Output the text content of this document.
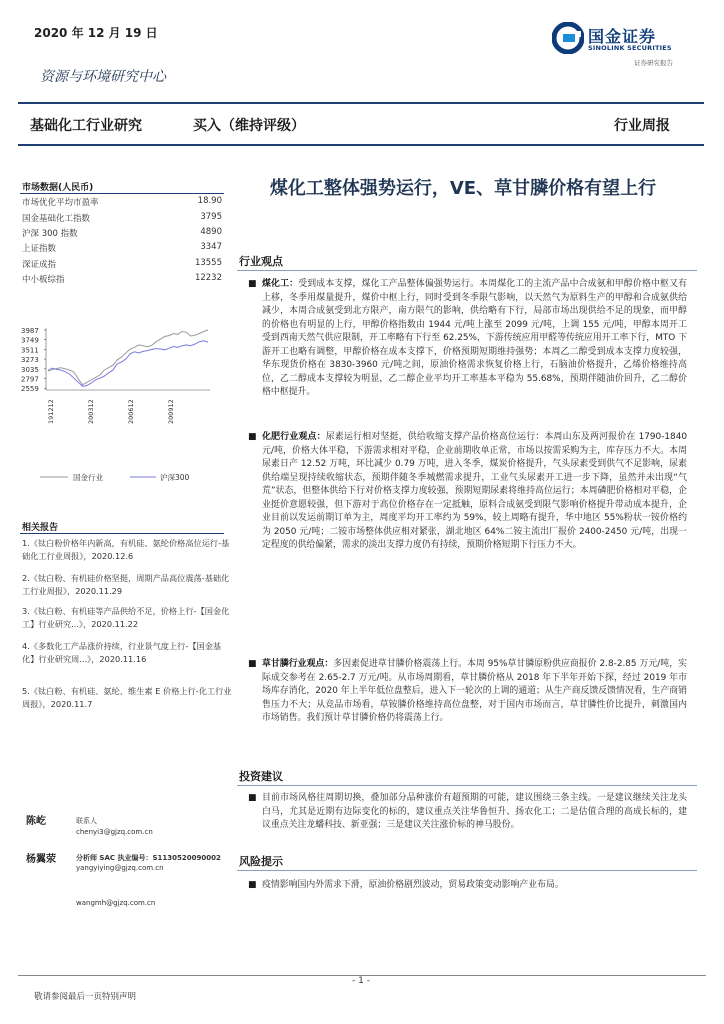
2020 年 12 月 19 日	国金证券
SINOLINK SECURITIES
证券研究报告
资源与环境研究中心
基础化工行业研究	买入（维持评级）	行业周报
市场数据(人民币)
市场优化平均市盈率	18.90
国金基础化工指数	3795
沪深 300 指数	4890
上证指数	3347
深证成指	13555
中小板综指	12232
3987
3749
3511
3273
3035
2797
2559
191212	200312	200612	200912
国金行业	沪深300
相关报告
1.《钛白粉价格年内新高，有机硅、氨纶价格高位运行-基础化工行业周报》，2020.12.6
2.《钛白粉、有机硅价格坚挺，周期产品高位震荡-基础化工行业周报》，2020.11.29
3.《钛白粉、有机硅等产品供给不足，价格上行-【国金化工】行业研究...》，2020.11.22
4.《多数化工产品涨价持续，行业景气度上行-【国金基化】行业研究周...》，2020.11.16
5.《钛白粉、有机硅、氨纶、维生素 E 价格上行-化工行业周报》，2020.11.7
陈屹	联系人
chenyi3@gjzq.com.cn
杨翼荥	分析师 SAC 执业编号：S1130520090002
yangyiying@gjzq.com.cn
wangmh@gjzq.com.cn
煤化工整体强势运行，VE、草甘膦价格有望上行
行业观点
■ 煤化工：受到成本支撑，煤化工产品整体偏强势运行。本周煤化工的主流产品中合成氨和甲醇价格中枢又有上移，冬季用煤量提升，煤价中枢上行，同时受到冬季限气影响，以天然气为原料生产的甲醇和合成氨供给减少，本周合成氨受到北方限产，南方限气的影响，供给略有下行，局部市场出现供给不足的现象，而甲醇的价格也有明显的上行，甲醇价格指数由 1944 元/吨上涨至 2099 元/吨，上调 155 元/吨，甲醇本周开工受到西南天然气供应限制，开工率略有下行至 62.25%，下游传统应用甲醛等传统应用开工率下行，MTO 下游开工也略有调整，甲醇价格在成本支撑下，价格预期短期维持强势；本周乙二醇受到成本支撑力度较强，华东现货价格在 3830-3960 元/吨之间，原油价格需求恢复价格上行，石脑油价格提升，乙烯价格维持高位，乙二醇成本支撑较为明显，乙二醇企业平均开工率基本平稳为 55.68%，预期伴随油价回升，乙二醇价格中枢提升。
■ 化肥行业观点：尿素运行相对坚挺，供给收缩支撑产品价格高位运行：本周山东及两河报价在 1790-1840 元/吨，价格大体平稳，下游需求相对平稳，企业前期收单正常，市场以按需采购为主，库存压力不大。本周尿素日产 12.52 万吨，环比减少 0.79 万吨，进入冬季，煤炭价格提升，气头尿素受到供气不足影响，尿素供给端呈现持续收缩状态，预期伴随冬季城燃需求提升，工业气头尿素开工进一步下降，虽然并未出现“气荒”状态，但整体供给下行对价格支撑力度较强，预期短期尿素将维持高位运行；本周磷肥价格相对平稳，企业挺价意愿较强，但下游对于高位价格存在一定抵触，原料合成氨受到限气影响价格提升带动成本提升，企业目前以发运前期订单为主，周度平均开工率约为 59%，较上周略有提升，华中地区 55%粉状一铵价格约为 2050 元/吨；二铵市场整体供应相对紧张，湖北地区 64%二铵主流出厂报价 2400-2450 元/吨，出现一定程度的供给偏紧，需求的淡出支撑力度仍有持续，预期价格短期下行压力不大。
■ 草甘膦行业观点：多因素促进草甘膦价格震荡上行。本周 95%草甘膦原粉供应商报价 2.8-2.85 万元/吨，实际成交参考在 2.65-2.7 万元/吨。从市场周期看，草甘膦价格从 2018 年下半年开始下探，经过 2019 年市场库存消化，2020 年上半年低位盘整后，进入下一轮次的上调的通道；从生产商反馈反馈情况看，生产商销售压力不大；从竞品市场看，草铵膦价格维持高位盘整，对于国内市场而言，草甘膦性价比提升，刺激国内市场销售。我们预计草甘膦价格仍将震荡上行。
投资建议
■ 目前市场风格往周期切换，叠加部分品种涨价有超预期的可能，建议围绕三条主线。一是建议继续关注龙头白马，尤其是近期有边际变化的标的，建议重点关注华鲁恒升、扬农化工；二是估值合理的高成长标的，建议重点关注龙蟠科技、新亚强；三是建议关注涨价标的神马股份。
风险提示
■ 疫情影响国内外需求下滑，原油价格剧烈波动，贸易政策变动影响产业布局。
- 1 -
敬请参阅最后一页特别声明
